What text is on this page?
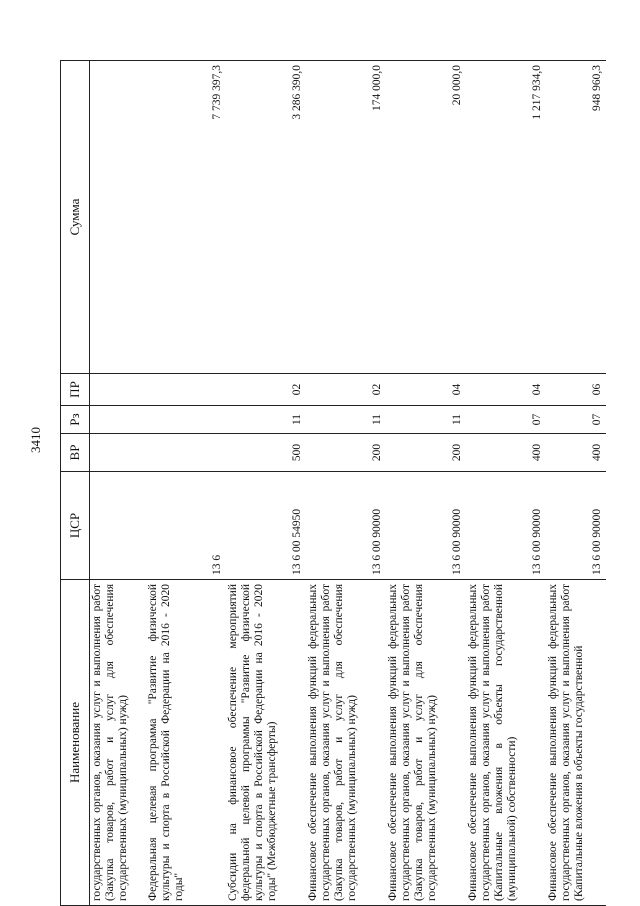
3410
Наименование	ЦСР	ВР	Рз	ПР	Сумма
государственных органов, оказания услуг и выполнения работ (Закупка товаров, работ и услуг для обеспечения государственных (муниципальных) нужд)					
Федеральная целевая программа "Развитие физической культуры и спорта в Российской Федерации на 2016 - 2020 годы"	13 6				7 739 397,3
Субсидии на финансовое обеспечение мероприятий федеральной целевой программы "Развитие физической культуры и спорта в Российской Федерации на 2016 - 2020 годы" (Межбюджетные трансферты)	13 6 00 54950	500	11	02	3 286 390,0
Финансовое обеспечение выполнения функций федеральных государственных органов, оказания услуг и выполнения работ (Закупка товаров, работ и услуг для обеспечения государственных (муниципальных) нужд)	13 6 00 90000	200	11	02	174 000,0
Финансовое обеспечение выполнения функций федеральных государственных органов, оказания услуг и выполнения работ (Закупка товаров, работ и услуг для обеспечения государственных (муниципальных) нужд)	13 6 00 90000	200	11	04	20 000,0
Финансовое обеспечение выполнения функций федеральных государственных органов, оказания услуг и выполнения работ (Капитальные вложения в объекты государственной (муниципальной) собственности)	13 6 00 90000	400	07	04	1 217 934,0
Финансовое обеспечение выполнения функций федеральных государственных органов, оказания услуг и выполнения работ (Капитальные вложения в объекты государственной	13 6 00 90000	400	07	06	948 960,3
